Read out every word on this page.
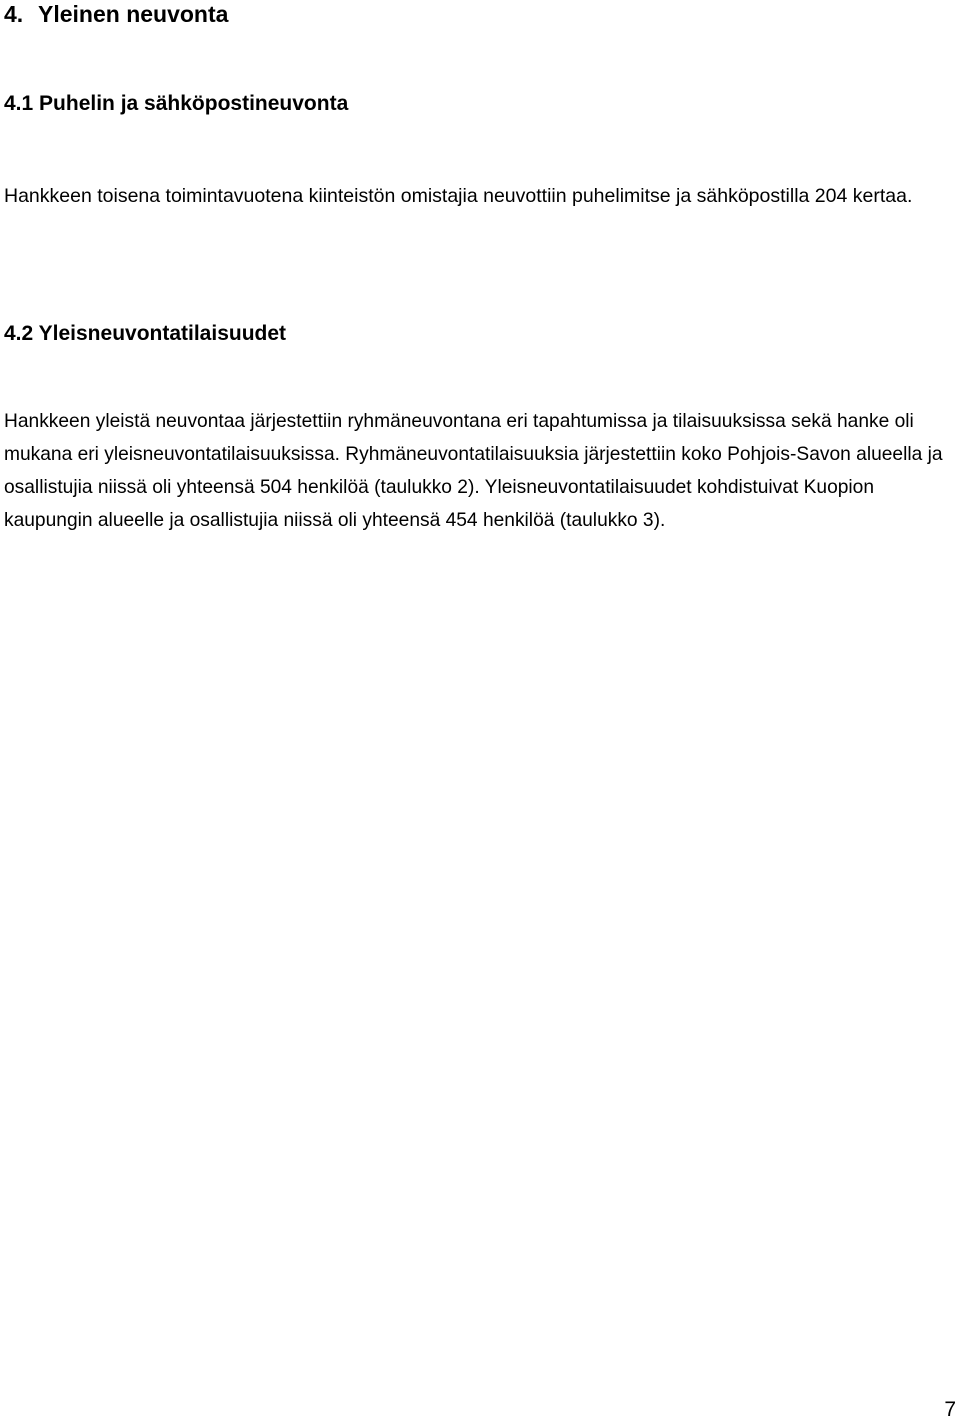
4. Yleinen neuvonta
4.1 Puhelin ja sähköpostineuvonta

Hankkeen toisena toimintavuotena kiinteistön omistajia neuvottiin puhelimitse ja sähköpostilla 204 kertaa.

4.2 Yleisneuvontatilaisuudet

Hankkeen yleistä neuvontaa järjestettiin ryhmäneuvontana eri tapahtumissa ja tilaisuuksissa sekä hanke oli mukana eri yleisneuvontatilaisuuksissa. Ryhmäneuvontatilaisuuksia järjestettiin koko Pohjois-Savon alueella ja osallistujia niissä oli yhteensä 504 henkilöä (taulukko 2). Yleisneuvontatilaisuudet kohdistuivat Kuopion kaupungin alueelle ja osallistujia niissä oli yhteensä 454 henkilöä (taulukko 3).

7
